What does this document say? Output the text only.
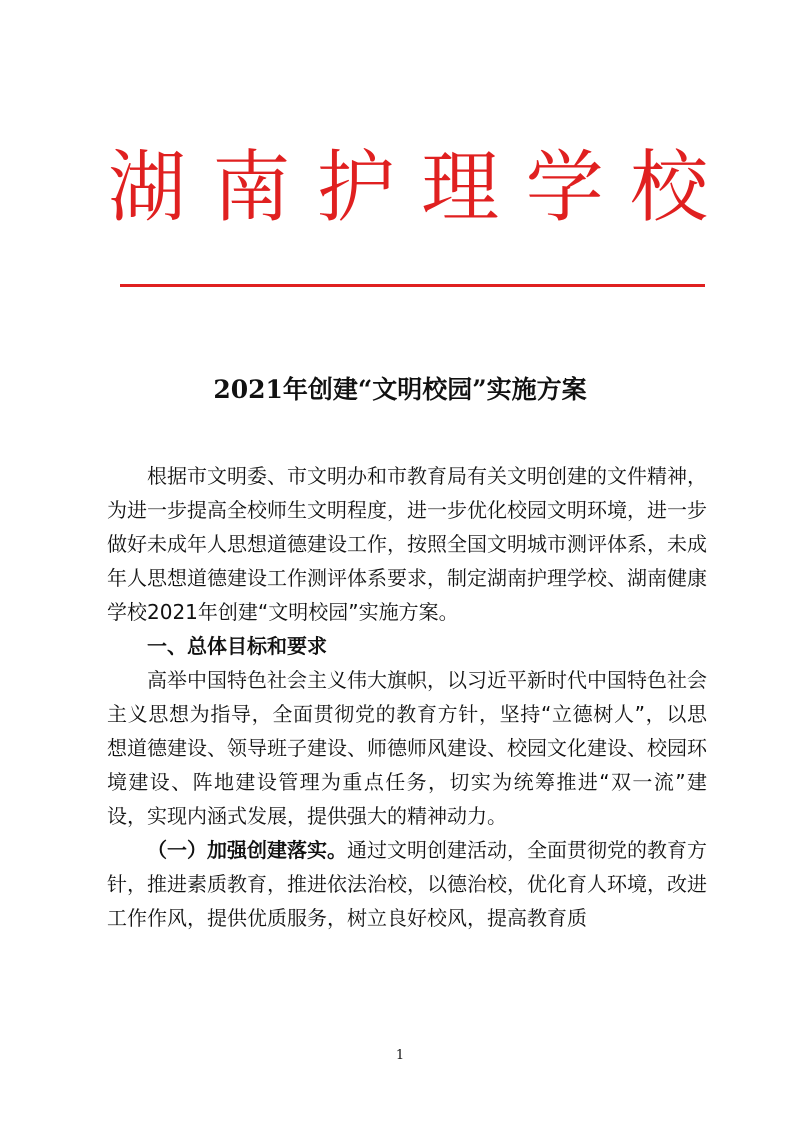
湖 南 护 理 学 校
2021年创建“文明校园”实施方案

根据市文明委、市文明办和市教育局有关文明创建的文件精神，为进一步提高全校师生文明程度，进一步优化校园文明环境，进一步做好未成年人思想道德建设工作，按照全国文明城市测评体系，未成年人思想道德建设工作测评体系要求，制定湖南护理学校、湖南健康学校2021年创建“文明校园”实施方案。

一、总体目标和要求

高举中国特色社会主义伟大旗帜，以习近平新时代中国特色社会主义思想为指导，全面贯彻党的教育方针，坚持“立德树人”，以思想道德建设、领导班子建设、师德师风建设、校园文化建设、校园环境建设、阵地建设管理为重点任务，切实为统筹推进“双一流”建设，实现内涵式发展，提供强大的精神动力。

（一）加强创建落实。通过文明创建活动，全面贯彻党的教育方针，推进素质教育，推进依法治校，以德治校，优化育人环境，改进工作作风，提供优质服务，树立良好校风，提高教育质

1
